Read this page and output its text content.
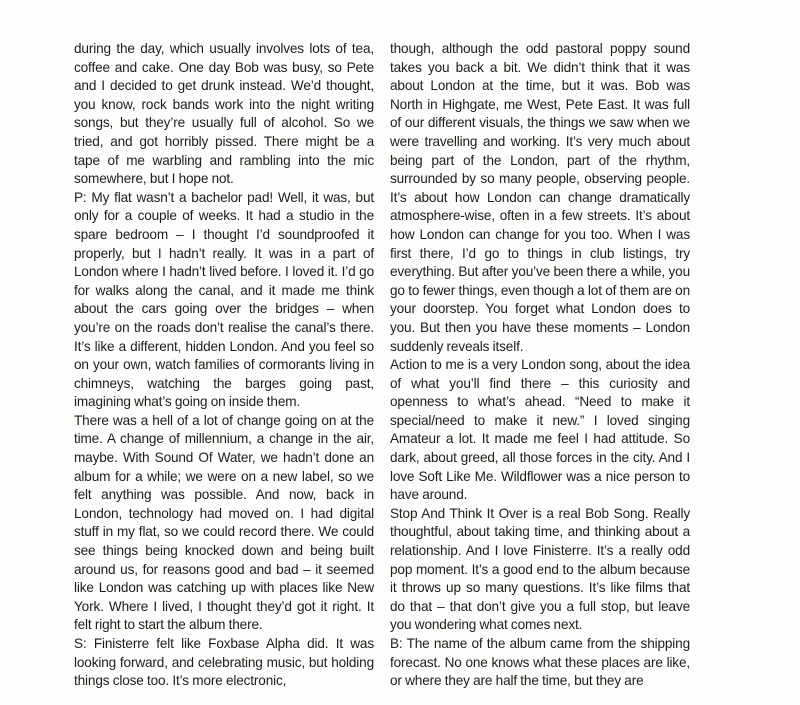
during the day, which usually involves lots of tea, coffee and cake. One day Bob was busy, so Pete and I decided to get drunk instead. We’d thought, you know, rock bands work into the night writing songs, but they’re usually full of alcohol. So we tried, and got horribly pissed. There might be a tape of me warbling and rambling into the mic somewhere, but I hope not.

P: My flat wasn’t a bachelor pad! Well, it was, but only for a couple of weeks. It had a studio in the spare bedroom – I thought I’d soundproofed it properly, but I hadn’t really. It was in a part of London where I hadn’t lived before. I loved it. I’d go for walks along the canal, and it made me think about the cars going over the bridges – when you’re on the roads don’t realise the canal’s there. It’s like a different, hidden London. And you feel so on your own, watch families of cormorants living in chimneys, watching the barges going past, imagining what’s going on inside them.

There was a hell of a lot of change going on at the time. A change of millennium, a change in the air, maybe. With Sound Of Water, we hadn’t done an album for a while; we were on a new label, so we felt anything was possible. And now, back in London, technology had moved on. I had digital stuff in my flat, so we could record there. We could see things being knocked down and being built around us, for reasons good and bad – it seemed like London was catching up with places like New York. Where I lived, I thought they’d got it right. It felt right to start the album there.

S: Finisterre felt like Foxbase Alpha did. It was looking forward, and celebrating music, but holding things close too. It’s more electronic,

though, although the odd pastoral poppy sound takes you back a bit. We didn’t think that it was about London at the time, but it was. Bob was North in Highgate, me West, Pete East. It was full of our different visuals, the things we saw when we were travelling and working. It’s very much about being part of the London, part of the rhythm, surrounded by so many people, observing people. It’s about how London can change dramatically atmosphere-wise, often in a few streets. It’s about how London can change for you too. When I was first there, I’d go to things in club listings, try everything. But after you’ve been there a while, you go to fewer things, even though a lot of them are on your doorstep. You forget what London does to you. But then you have these moments – London suddenly reveals itself.

Action to me is a very London song, about the idea of what you’ll find there – this curiosity and openness to what’s ahead. “Need to make it special/need to make it new.” I loved singing Amateur a lot. It made me feel I had attitude. So dark, about greed, all those forces in the city. And I love Soft Like Me. Wildflower was a nice person to have around.

Stop And Think It Over is a real Bob Song. Really thoughtful, about taking time, and thinking about a relationship. And I love Finisterre. It’s a really odd pop moment. It’s a good end to the album because it throws up so many questions. It’s like films that do that – that don’t give you a full stop, but leave you wondering what comes next.

B: The name of the album came from the shipping forecast. No one knows what these places are like, or where they are half the time, but they are
